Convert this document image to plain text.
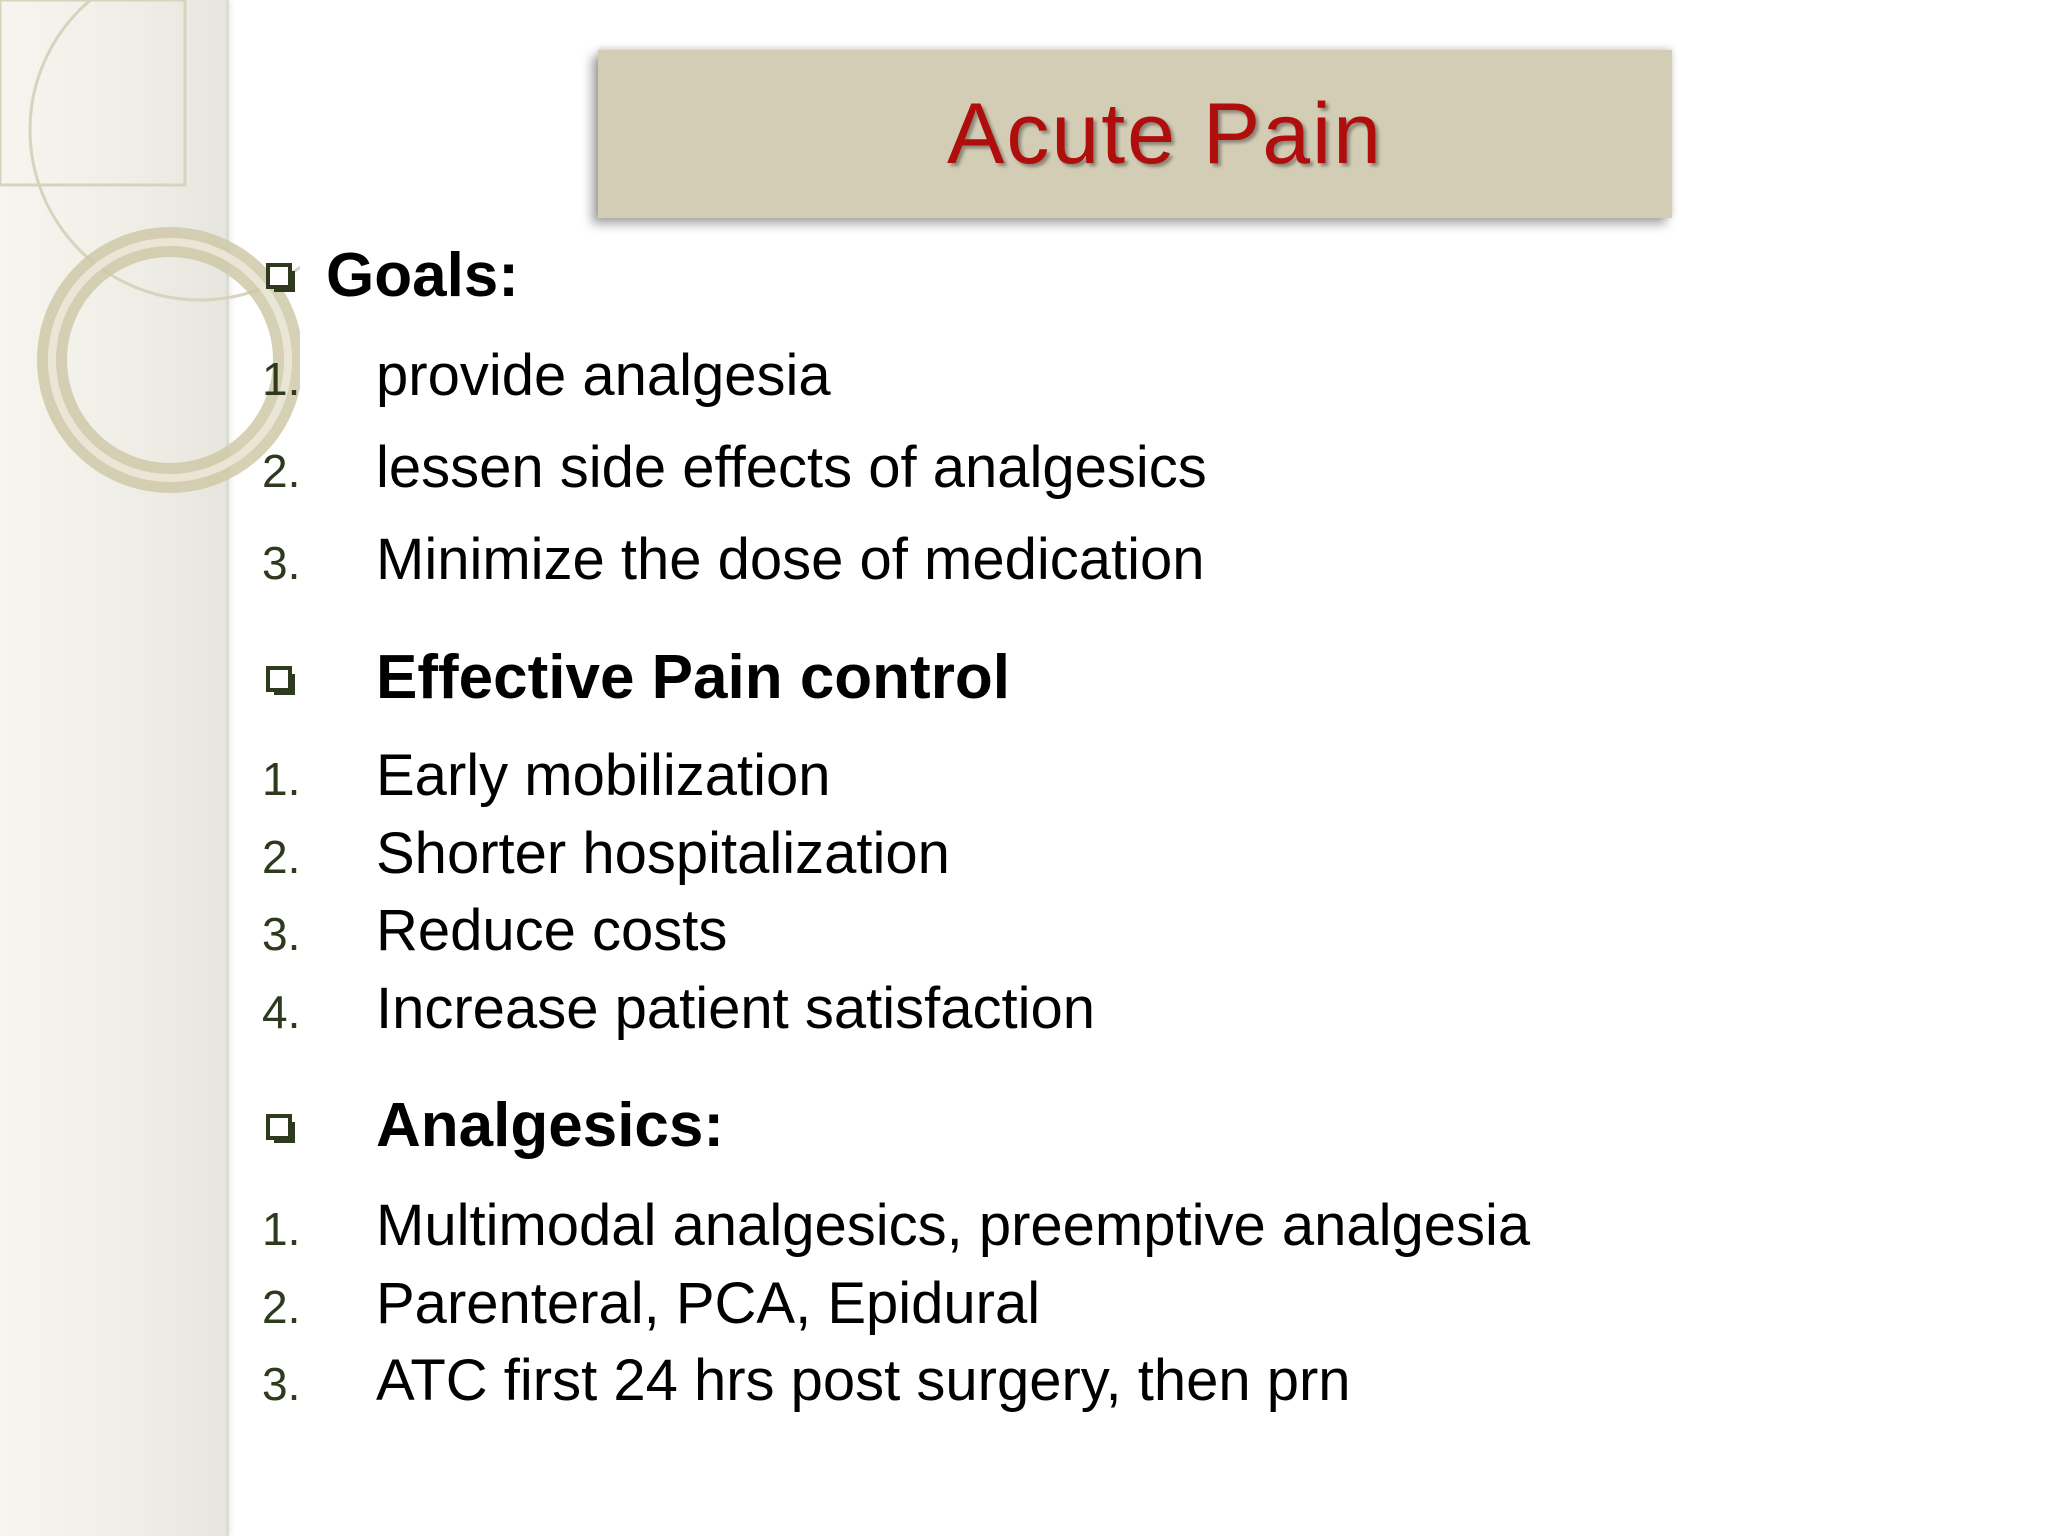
Acute Pain
Goals:
1. provide analgesia
2. lessen side effects of analgesics
3. Minimize the dose of medication
Effective Pain control
1. Early mobilization
2. Shorter hospitalization
3. Reduce costs
4. Increase patient satisfaction
Analgesics:
1. Multimodal analgesics, preemptive analgesia
2. Parenteral, PCA, Epidural
3. ATC first 24 hrs post surgery, then prn
